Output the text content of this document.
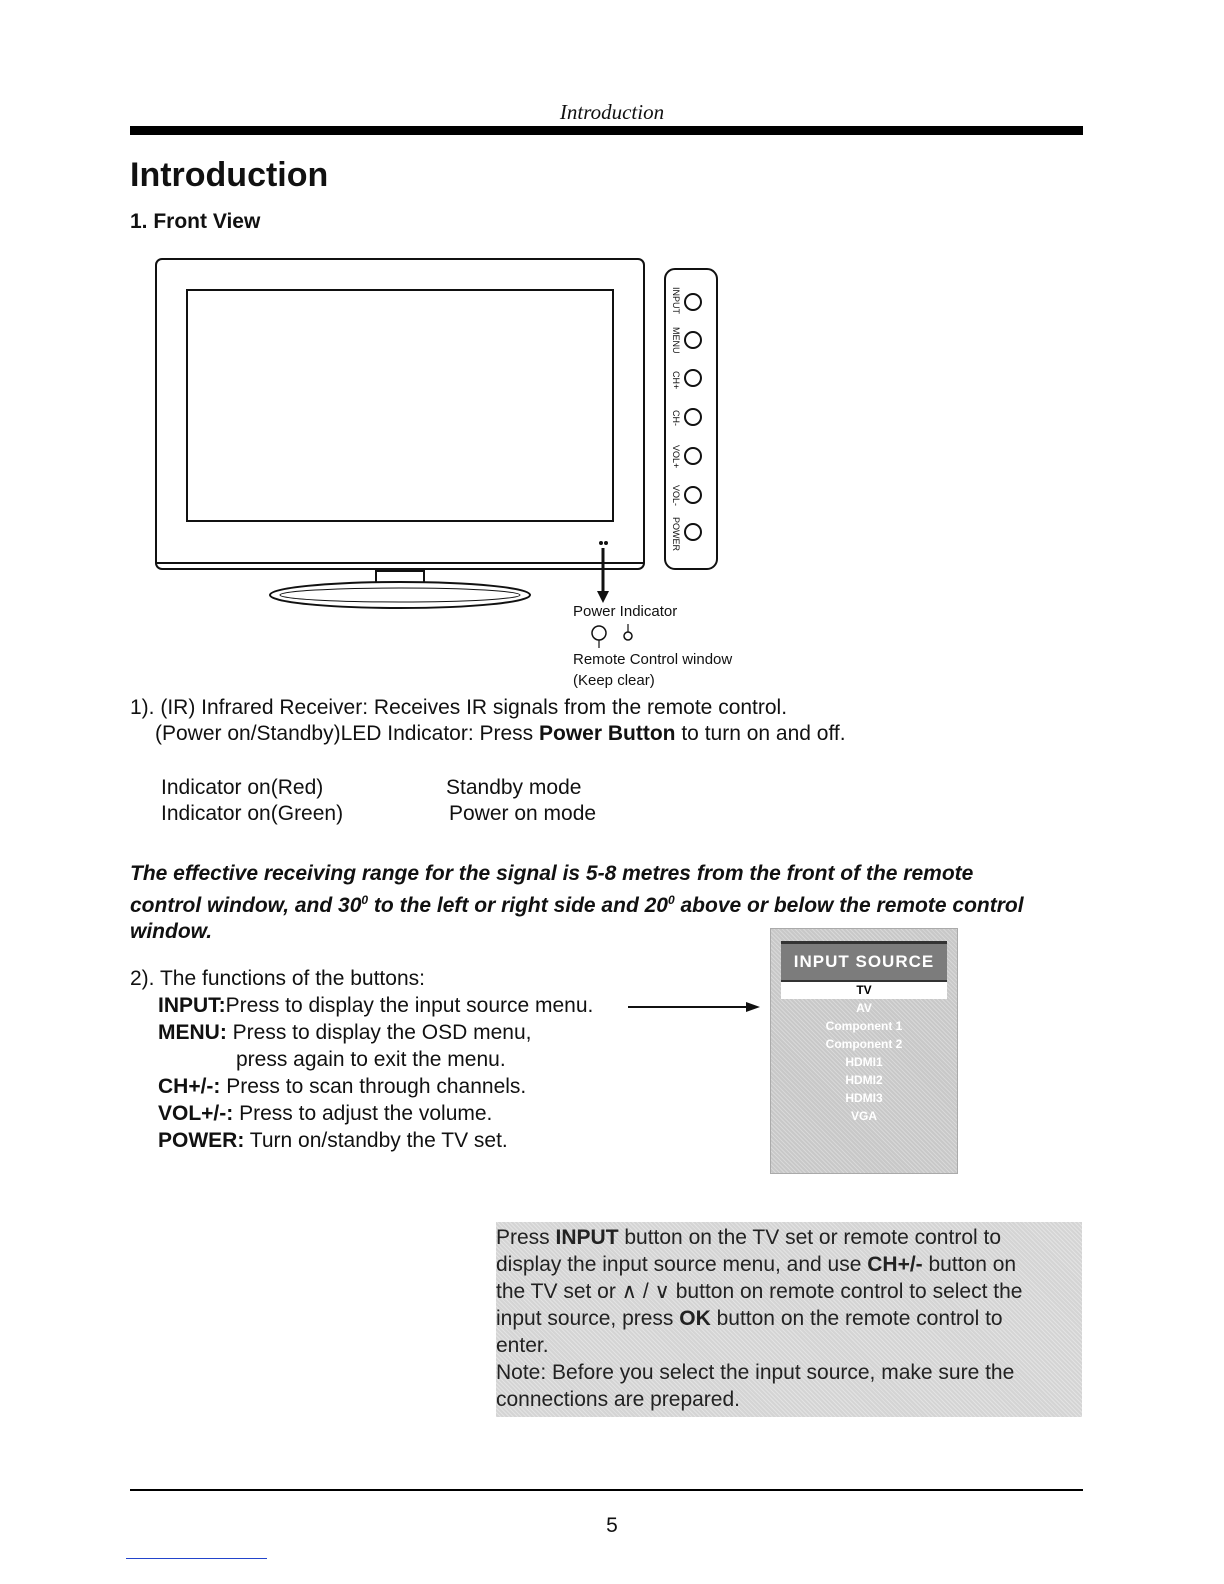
Introduction
Introduction
1. Front View
INPUT
MENU
CH+
CH-
VOL+
VOL-
POWER
Power Indicator
Remote Control window
(Keep clear)
1). (IR) Infrared Receiver: Receives IR signals from the remote control.
(Power on/Standby)LED Indicator: Press Power Button to turn on and off.
Indicator on(Red)	Standby mode
Indicator on(Green)	Power on mode
The effective receiving range for the signal is 5-8 metres from the front of the remote
control window, and $30^0$ to the left or right side and $20^0$ above or below the remote control
window.
2). The functions of the buttons:
INPUT:Press to display the input source menu.
MENU: Press to display the OSD menu,
press again to exit the menu.
CH+/-: Press to scan through channels.
VOL+/-: Press to adjust the volume.
POWER: Turn on/standby the TV set.
INPUT SOURCE
TV
AV
Component 1
Component 2
HDMI1
HDMI2
HDMI3
VGA
Press INPUT button on the TV set or remote control to
display the input source menu, and use CH+/- button on
the TV set or ∧ / ∨ button on remote control to select the
input source, press OK button on the remote control to
enter.
Note: Before you select the input source, make sure the
connections are prepared.
5
